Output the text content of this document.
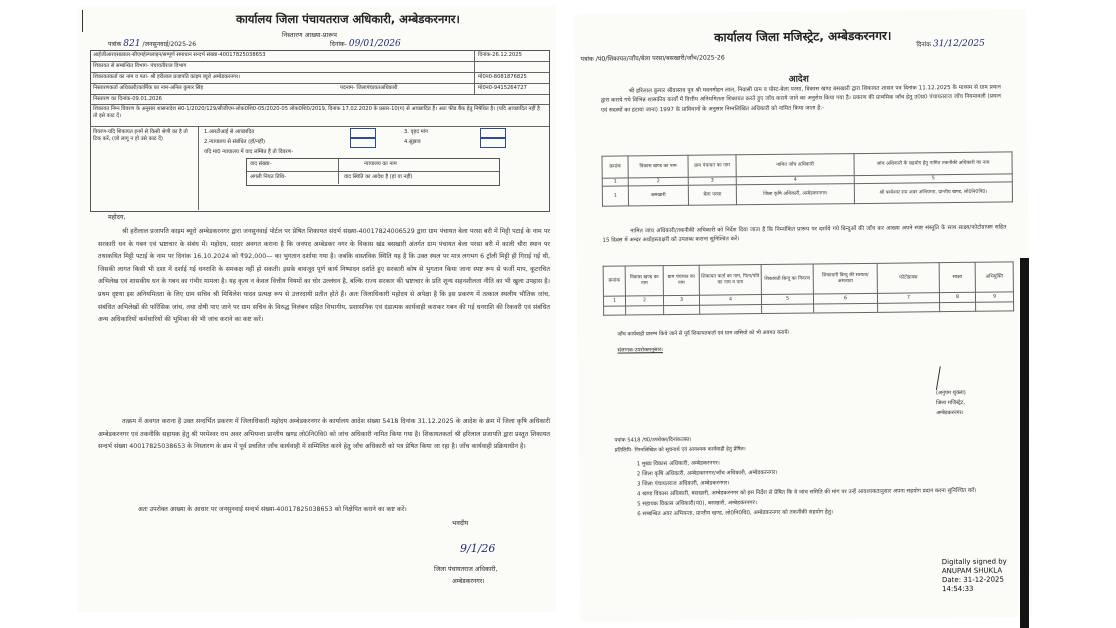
कार्यालय जिला पंचायतराज अधिकारी, अम्बेडकरनगर।
निस्तारण आख्या-प्रारूप
पत्रांक 821 /जनसुनवाई/2025-26	दिनांक- 09/01/2026
आईजीआरएसप्रकार-सीएमहेल्पलाइन/सम्पूर्ण समाधान सन्दर्भ संख्या-40017825038653	दिनांक-26.12.2025
शिकायत से सम्बन्धित विभाग- पंचायतीराज विभाग
शिकायतकर्ता का नाम व पता- श्री हरीलाल प्रजापति काइम ब्यूरो अम्बेडकरनगर।	मो0न0-8081876825
निस्तारणकर्ता अधिकारी/कार्मिक का नाम-अनिल कुमार सिंह	पदनाम- जिलापंचायतअधिकारी	मो0न0-9415264727
निस्तारण का दिनांक-09.01.2026
शिकायत निम्न विवरण के अनुसार शासनादेश सं0-1/2020/129/सीजीएम-लोक0शि0-05/2020-05 लोक0शि0/2019, दिनांक 17.02.2020 के प्रस्तर-10(ग) से आच्छादित है। अतः फीड बैंक हेतु निषेधित है। (यदि आच्छादित नहीं है तो इसे काट दें।
विवरण-यदि शिकायत इनमें से किसी श्रेणी का है तो टिक करें, (जो लागू न हो उसे काट दें)
1.आरटीआई से आच्छादित	3. वृहद मांग
2.न्यायालय से संबंधित (हाँ/नहीं)	4.सुझाव
यदि मा0 न्यायालय में वाद लम्बित हैं तो विवरण-
वाद संख्या-	न्यायालय का नाम
अगली नियत तिथि-	वाद स्थिति का आदेश है (हां या नहीं)
महोदय,
श्री हरीलाल प्रजापति काइम ब्यूरो अम्बेडकरनगर द्वारा जनसुनवाई पोर्टल पर प्रेषित शिकायत संदर्भ संख्या-40017824006529 द्वारा ग्राम पंचायत बेला परसा बरी में मिट्टी पटाई के नाम पर सरकारी धन के गबन एवं भ्रष्टाचार के संबंध में। महोदय, सादर अवगत कराना है कि जनपद अम्बेडकर नगर के विकास खंड बसखारी अंतर्गत ग्राम पंचायत बेला परसा बरी में काली चौरा स्थान पर तथाकथित मिट्टी पटाई के नाम पर दिनांक 16.10.2024 को ₹92,000— का भुगतान दर्शाया गया है। जबकि वास्तविक स्थिति यह है कि उक्त स्थल पर मात्र लगभग 6 ट्रॉली मिट्टी ही गिराई गई थी, जिसकी लागत किसी भी दशा में दर्शाई गई धनराशि के समकक्ष नहीं हो सकती। इसके बावजूद पूर्ण कार्य निष्पादन दर्शाते हुए सरकारी कोष से भुगतान किया जाना स्पष्ट रूप से फर्जी माप, कूटरचित अभिलेख एवं शासकीय धन के गबन का गंभीर मामला है। यह कृत्य न केवल वित्तीय नियमों का घोर उल्लंघन है, बल्कि राज्य सरकार की भ्रष्टाचार के प्रति शून्य सहनशीलता नीति का भी खुला उपहास है। प्रथम दृष्टया इस अनियमितता के लिए ग्राम सचिव श्री मिथिलेश यादव प्रत्यक्ष रूप से उत्तरदायी प्रतीत होते हैं। अतः जिलाधिकारी महोदय से अपेक्षा है कि इस प्रकरण में तत्काल स्थलीय भौतिक जांच, संबंधित अभिलेखों की फॉरेंसिक जांच, तथा दोषी पाए जाने पर ग्राम सचिव के विरुद्ध निलंबन सहित विभागीय, प्रशासनिक एवं दंडात्मक कार्यवाही कराकर गबन की गई धनराशि की रिकवरी एवं संबंधित अन्य अधिकारियों कर्मचारियों की भूमिका की भी जांच कराने का कष्ट करें।
तत्क्रम में अवगत कराना है उक्त सन्दर्भित प्रकरण में जिलाधिकारी महोदय अम्बेडकरनगर के कार्यालय आदेश संख्या 5418 दिनांक 31.12.2025 के आदेश के क्रम में जिला कृषि अधिकारी अम्बेडकरनगर एवं तकनीकि सहायक हेतु श्री परमेश्वर राम अवर अभियन्ता प्रान्तीय खण्ड लो0नि0वि0 को जांच अधिकारी नामित किया गया है। शिकायतकर्ता श्री हरिलाल प्रजापति द्वारा प्रस्तुत शिकायत सन्दर्भ संख्या 40017825038653 के निस्तारण के क्रम में पूर्व प्रचलित जाँच कार्यवाही में सम्मिलित करने हेतु जाँच अधिकारी को पत्र प्रेषित किया जा रहा है। जाँच कार्यवाही प्रक्रियाधीन है।
अतः उपरोक्त आख्या के आधार पर जनसुनवाई सन्दर्भ संख्या-40017825038653 को निक्षेपित कराने का कष्ट करें।
भवदीय
9/1/26
जिला पंचायतराज अधिकारी,
अम्बेडकरनगर।
कार्यालय जिला मजिस्ट्रेट, अम्बेडकरनगर।
पत्रांक /पं0/शिकायत/जाँच/बेला परसा/बसखारी/जाँच/2025-26
दिनांक 31/12/2025
आदेश
श्री हरिलाल कुमार श्रीवास्तव पुत्र श्री मदनमोहन लाल, निवासी ग्राम व पोस्ट-बेला परसा, विकास खण्ड बसखारी द्वारा शिकायत शासन पत्र दिनांक 11.12.2025 के माध्यम से ग्राम प्रधान द्वारा कराये गये विभिन्न शासकीय कार्यों में वित्तीय अनियमितता शिकायत करते हुए जाँच कराये जाने का अनुरोध किया गया है। प्रकरण की प्राथमिक जाँच हेतु उ0प्र0 पंचायतराज जाँच नियमावली (प्रधान एवं सदस्यों का हटाया जाना) 1997 के प्राविधानों के अनुसार निम्नलिखित अधिकारी को नामित किया जाता है:-
क्रमांक	विकास खण्ड का नाम	ग्राम पंचायत का नाम	नामित जाँच अधिकारी	जांच अधिकारी के सहयोग हेतु नामित तकनीकी अधिकारी का नाम
1	2	3	4	5
1	बसखारी	बेला परसा	जिला कृषि अधिकारी, अम्बेडकरनगर।	श्री परमेश्वर राम अवर अभियन्ता, प्रान्तीय खण्ड, लो0नि0वि0।
नामित जांच अधिकारी/तकनीकी अधिकारी को निर्देश दिया जाता है कि निम्नांकित प्रारूप पर दर्शाये गये बिन्दुओं की जाँच कर आख्या अपने स्पष्ट संस्तुति के साथ साक्ष्य/फोटोग्राफ्स सहित 15 दिवस में अन्दर अधोहस्ताक्षरी को उपलब्ध कराना सुनिश्चित करें।
क्रमांक	विकास खण्ड का नाम	ग्राम पंचायत का नाम	शिकायत कर्ता का नाम, पिता/पति का नाम व पता	शिकायती बिन्दु का विवरण	शिकायती बिन्दु की सत्यता/असत्यता	फोटोग्राफ्स	साक्ष्य	अभियुक्ति
1	2	3	4	5	6	7	8	9

जाँच कार्यवाही प्रारम्भ किये जाने से पूर्व शिकायतकर्ता एवं ग्राम वासियों को भी अवगत करायें।
संलग्नक-उपरोक्तानुसार।
(अनुपम शुक्ला)
जिला मजिस्ट्रेट,
अम्बेडकरनगर।
पत्रांक 5418 /पं0/उपरोक्त/दिनांकउक्त।
प्रतिलिपि- निम्नलिखित को सूचनार्थ एवं आवश्यक कार्यवाही हेतु प्रेषित।
1 मुख्य विकास अधिकारी, अम्बेडकरनगर।
2 जिला कृषि अधिकारी, अम्बेडकरनगर/जाँच अधिकारी, अम्बेडकरनगर।
3 जिला पंचायतराज अधिकारी, अम्बेडकरनगर।
4 खण्ड विकास अधिकारी, बसखारी, अम्बेडकरनगर को इस निर्देश से प्रेषित कि वे जांच समिति की मांग पर उन्हें आवश्यकतानुसार अपना सहयोग प्रदान करना सुनिश्चित करें।
5 सहायक विकास अधिकारी(पं0), बसखारी, अम्बेडकरनगर।
6 सम्बन्धित अवर अभियन्ता, प्रान्तीय खण्ड, लो0नि0वि0, अम्बेडकरनगर को तकनीकी सहयोग हेतु।
Digitally signed by
ANUPAM SHUKLA
Date: 31-12-2025
14:54:33
